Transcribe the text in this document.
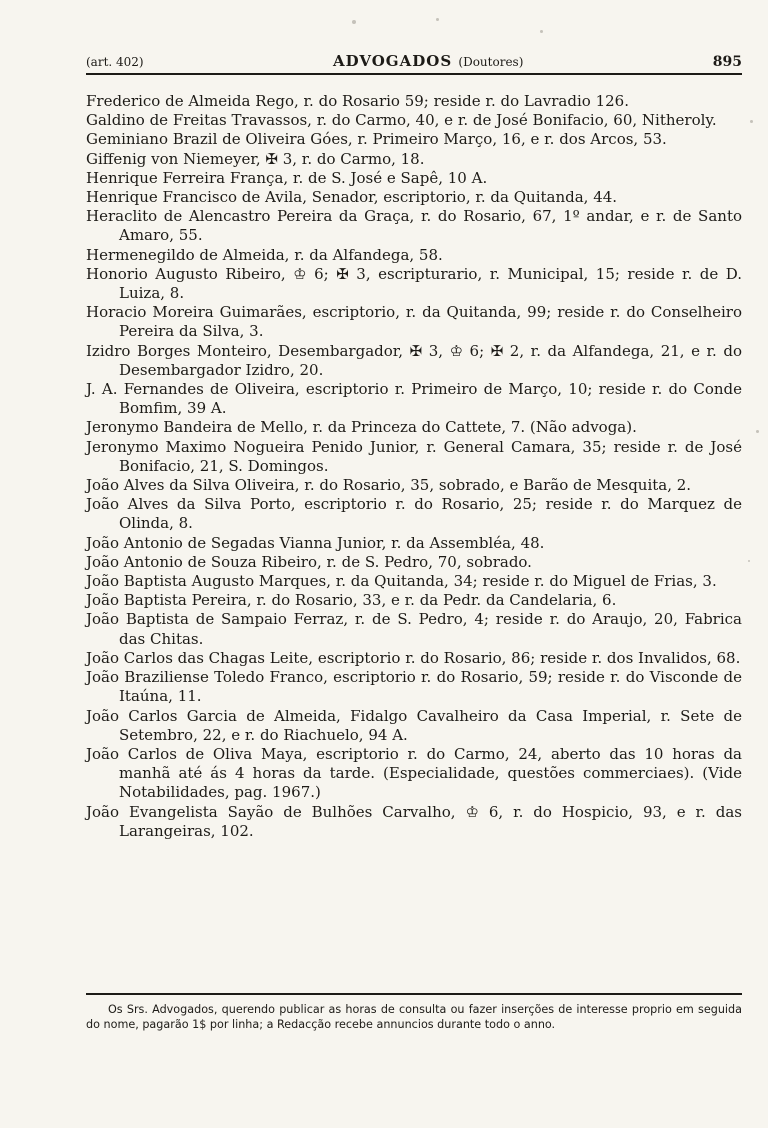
(art. 402)	ADVOGADOS (Doutores)	895
Frederico de Almeida Rego, r. do Rosario 59; reside r. do Lavradio 126.
Galdino de Freitas Travassos, r. do Carmo, 40, e r. de José Bonifacio, 60, Nitheroly.
Geminiano Brazil de Oliveira Góes, r. Primeiro Março, 16, e r. dos Arcos, 53.
Giffenig von Niemeyer, ✠ 3, r. do Carmo, 18.
Henrique Ferreira França, r. de S. José e Sapê, 10 A.
Henrique Francisco de Avila, Senador, escriptorio, r. da Quitanda, 44.
Heraclito de Alencastro Pereira da Graça, r. do Rosario, 67, 1º andar, e r. de Santo Amaro, 55.
Hermenegildo de Almeida, r. da Alfandega, 58.
Honorio Augusto Ribeiro, ♔ 6; ✠ 3, escripturario, r. Municipal, 15; reside r. de D. Luiza, 8.
Horacio Moreira Guimarães, escriptorio, r. da Quitanda, 99; reside r. do Conselheiro Pereira da Silva, 3.
Izidro Borges Monteiro, Desembargador, ✠ 3, ♔ 6; ✠ 2, r. da Alfandega, 21, e r. do Desembargador Izidro, 20.
J. A. Fernandes de Oliveira, escriptorio r. Primeiro de Março, 10; reside r. do Conde Bomfim, 39 A.
Jeronymo Bandeira de Mello, r. da Princeza do Cattete, 7. (Não advoga).
Jeronymo Maximo Nogueira Penido Junior, r. General Camara, 35; reside r. de José Bonifacio, 21, S. Domingos.
João Alves da Silva Oliveira, r. do Rosario, 35, sobrado, e Barão de Mesquita, 2.
João Alves da Silva Porto, escriptorio r. do Rosario, 25; reside r. do Marquez de Olinda, 8.
João Antonio de Segadas Vianna Junior, r. da Assembléa, 48.
João Antonio de Souza Ribeiro, r. de S. Pedro, 70, sobrado.
João Baptista Augusto Marques, r. da Quitanda, 34; reside r. do Miguel de Frias, 3.
João Baptista Pereira, r. do Rosario, 33, e r. da Pedr. da Candelaria, 6.
João Baptista de Sampaio Ferraz, r. de S. Pedro, 4; reside r. do Araujo, 20, Fabrica das Chitas.
João Carlos das Chagas Leite, escriptorio r. do Rosario, 86; reside r. dos Invalidos, 68.
João Braziliense Toledo Franco, escriptorio r. do Rosario, 59; reside r. do Visconde de Itaúna, 11.
João Carlos Garcia de Almeida, Fidalgo Cavalheiro da Casa Imperial, r. Sete de Setembro, 22, e r. do Riachuelo, 94 A.
João Carlos de Oliva Maya, escriptorio r. do Carmo, 24, aberto das 10 horas da manhã até ás 4 horas da tarde. (Especialidade, questões commerciaes). (Vide Notabilidades, pag. 1967.)
João Evangelista Sayão de Bulhões Carvalho, ♔ 6, r. do Hospicio, 93, e r. das Larangeiras, 102.
Os Srs. Advogados, querendo publicar as horas de consulta ou fazer inserções de interesse proprio em seguida do nome, pagarão 1$ por linha; a Redacção recebe annuncios durante todo o anno.
